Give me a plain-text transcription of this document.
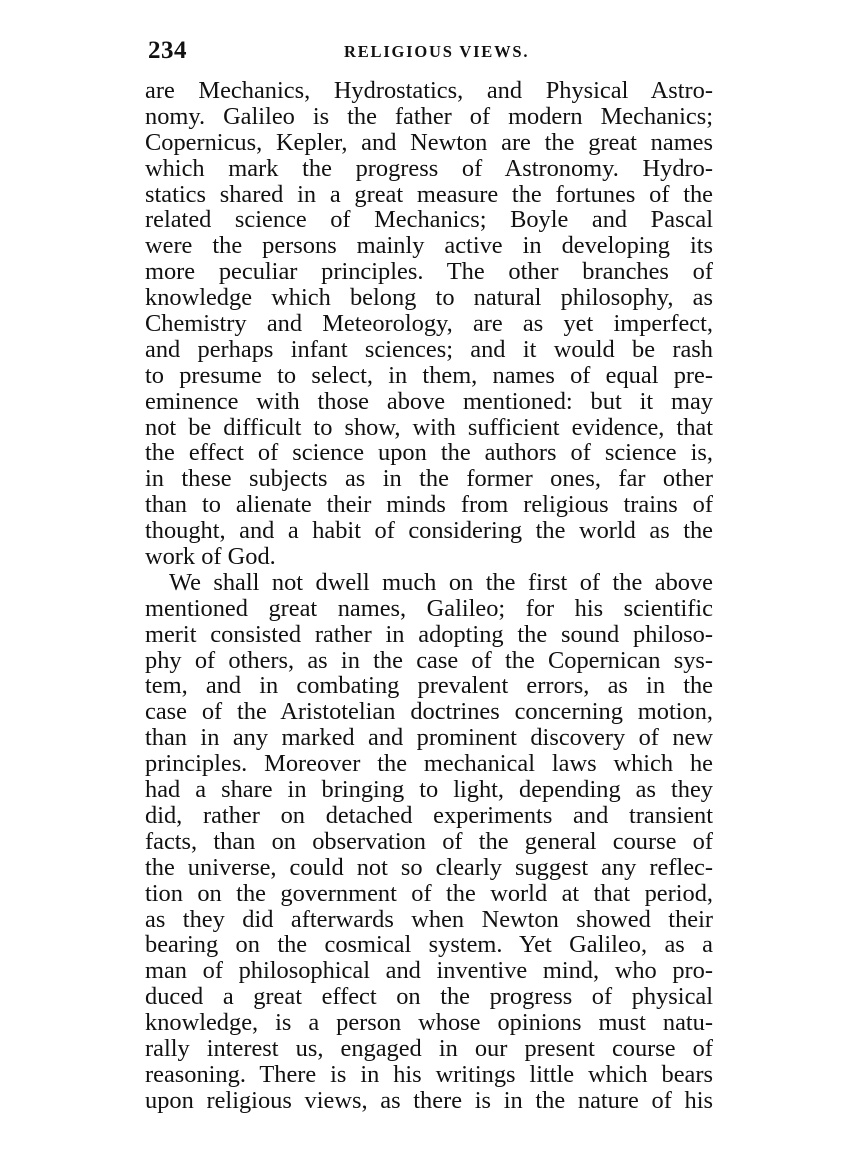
234	RELIGIOUS VIEWS.
are Mechanics, Hydrostatics, and Physical Astro-
nomy. Galileo is the father of modern Mechanics;
Copernicus, Kepler, and Newton are the great names
which mark the progress of Astronomy. Hydro-
statics shared in a great measure the fortunes of the
related science of Mechanics; Boyle and Pascal
were the persons mainly active in developing its
more peculiar principles. The other branches of
knowledge which belong to natural philosophy, as
Chemistry and Meteorology, are as yet imperfect,
and perhaps infant sciences; and it would be rash
to presume to select, in them, names of equal pre-
eminence with those above mentioned: but it may
not be difficult to show, with sufficient evidence, that
the effect of science upon the authors of science is,
in these subjects as in the former ones, far other
than to alienate their minds from religious trains of
thought, and a habit of considering the world as the
work of God.
We shall not dwell much on the first of the above
mentioned great names, Galileo; for his scientific
merit consisted rather in adopting the sound philoso-
phy of others, as in the case of the Copernican sys-
tem, and in combating prevalent errors, as in the
case of the Aristotelian doctrines concerning motion,
than in any marked and prominent discovery of new
principles. Moreover the mechanical laws which he
had a share in bringing to light, depending as they
did, rather on detached experiments and transient
facts, than on observation of the general course of
the universe, could not so clearly suggest any reflec-
tion on the government of the world at that period,
as they did afterwards when Newton showed their
bearing on the cosmical system. Yet Galileo, as a
man of philosophical and inventive mind, who pro-
duced a great effect on the progress of physical
knowledge, is a person whose opinions must natu-
rally interest us, engaged in our present course of
reasoning. There is in his writings little which bears
upon religious views, as there is in the nature of his
